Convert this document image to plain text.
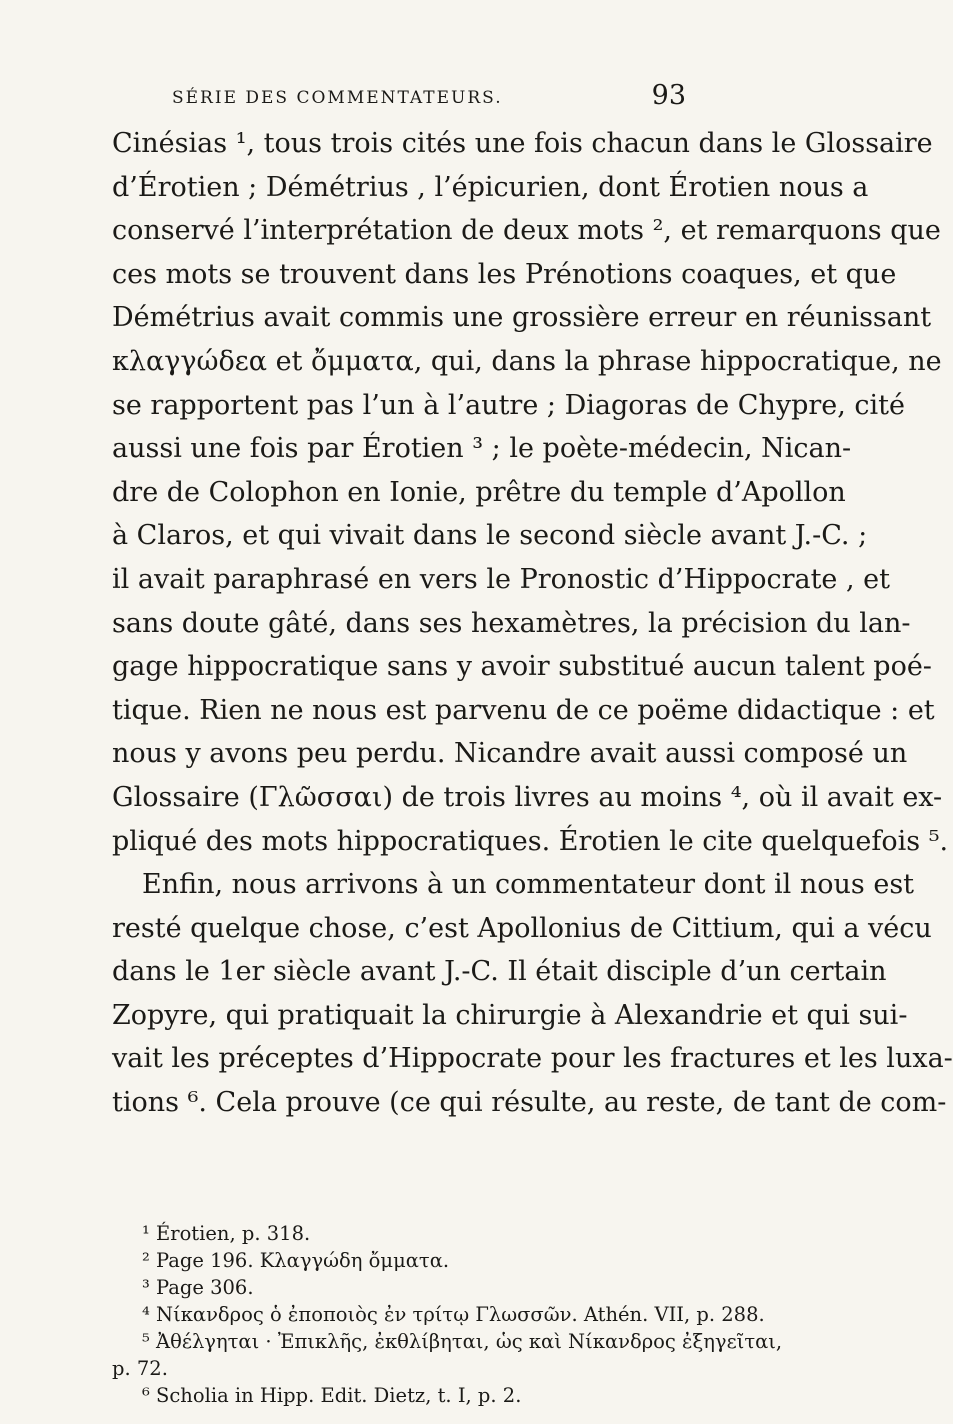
SÉRIE DES COMMENTATEURS.	93
Cinésias ¹, tous trois cités une fois chacun dans le Glossaire
d’Érotien ; Démétrius , l’épicurien, dont Érotien nous a
conservé l’interprétation de deux mots ², et remarquons que
ces mots se trouvent dans les Prénotions coaques, et que
Démétrius avait commis une grossière erreur en réunissant
κλαγγώδεα et ὄμματα, qui, dans la phrase hippocratique, ne
se rapportent pas l’un à l’autre ; Diagoras de Chypre, cité
aussi une fois par Érotien ³ ; le poète-médecin, Nican-
dre de Colophon en Ionie, prêtre du temple d’Apollon
à Claros, et qui vivait dans le second siècle avant J.-C. ;
il avait paraphrasé en vers le Pronostic d’Hippocrate , et
sans doute gâté, dans ses hexamètres, la précision du lan-
gage hippocratique sans y avoir substitué aucun talent poé-
tique. Rien ne nous est parvenu de ce poëme didactique : et
nous y avons peu perdu. Nicandre avait aussi composé un
Glossaire (Γλῶσσαι) de trois livres au moins ⁴, où il avait ex-
pliqué des mots hippocratiques. Érotien le cite quelquefois ⁵.
Enfin, nous arrivons à un commentateur dont il nous est
resté quelque chose, c’est Apollonius de Cittium, qui a vécu
dans le 1er siècle avant J.-C. Il était disciple d’un certain
Zopyre, qui pratiquait la chirurgie à Alexandrie et qui sui-
vait les préceptes d’Hippocrate pour les fractures et les luxa-
tions ⁶. Cela prouve (ce qui résulte, au reste, de tant de com-
¹ Érotien, p. 318.
² Page 196. Κλαγγώδη ὄμματα.
³ Page 306.
⁴ Νίκανδρος ὁ ἐποποιὸς ἐν τρίτῳ Γλωσσῶν. Athén. VII, p. 288.
⁵ Ἀθέλγηται · Ἐπικλῆς, ἐκθλίβηται, ὡς καὶ Νίκανδρος ἐξηγεῖται,
p. 72.
⁶ Scholia in Hipp. Edit. Dietz, t. I, p. 2.
